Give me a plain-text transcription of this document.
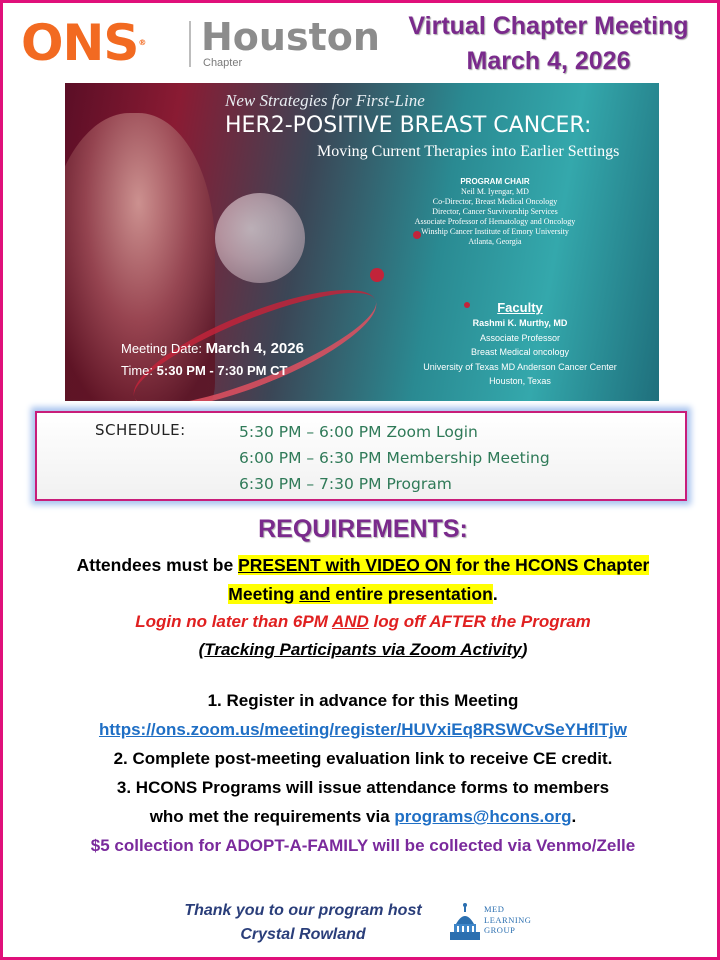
ONS® Houston
Chapter
Virtual Chapter Meeting
March 4, 2026
New Strategies for First-Line
HER2-POSITIVE BREAST CANCER:
Moving Current Therapies into Earlier Settings
PROGRAM CHAIR
Neil M. Iyengar, MD
Co-Director, Breast Medical Oncology
Director, Cancer Survivorship Services
Associate Professor of Hematology and Oncology
Winship Cancer Institute of Emory University
Atlanta, Georgia
Faculty
Rashmi K. Murthy, MD
Associate Professor
Breast Medical oncology
University of Texas MD Anderson Cancer Center
Houston, Texas
Meeting Date: March 4, 2026
Time: 5:30 PM - 7:30 PM CT
SCHEDULE:	5:30 PM – 6:00 PM Zoom Login
6:00 PM – 6:30 PM Membership Meeting
6:30 PM – 7:30 PM Program
REQUIREMENTS:
Attendees must be PRESENT with VIDEO ON for the HCONS Chapter
Meeting and entire presentation.
Login no later than 6PM AND log off AFTER the Program
(Tracking Participants via Zoom Activity)
1. Register in advance for this Meeting
https://ons.zoom.us/meeting/register/HUVxiEq8RSWCvSeYHflTjw
2. Complete post-meeting evaluation link to receive CE credit.
3. HCONS Programs will issue attendance forms to members
who met the requirements via programs@hcons.org.
$5 collection for ADOPT-A-FAMILY will be collected via Venmo/Zelle
Thank you to our program host
Crystal Rowland
MED
LEARNING
GROUP
